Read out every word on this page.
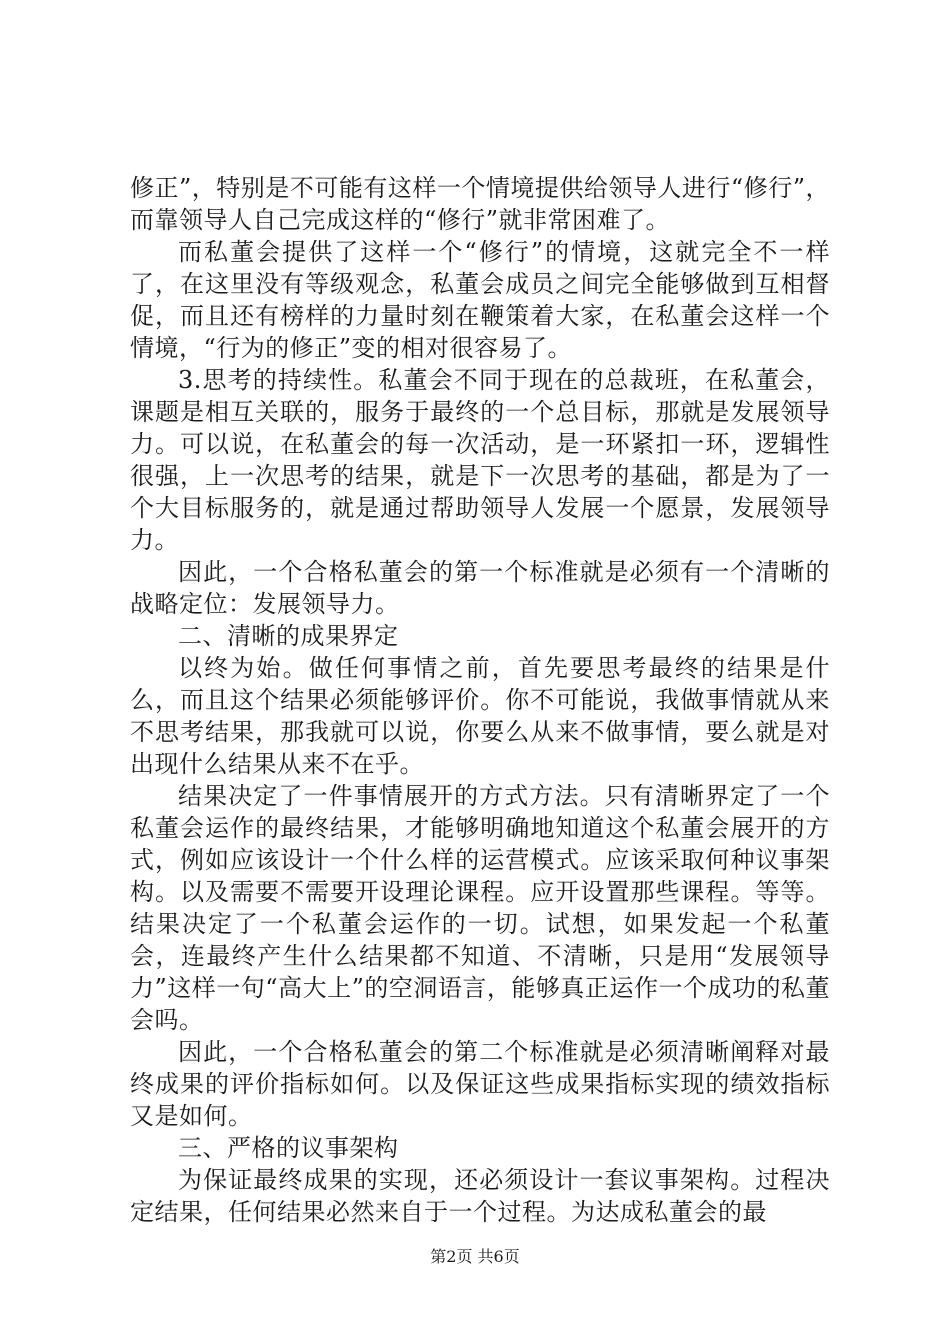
修正”，特别是不可能有这样一个情境提供给领导人进行“修行”，而靠领导人自己完成这样的“修行”就非常困难了。

而私董会提供了这样一个“修行”的情境，这就完全不一样了，在这里没有等级观念，私董会成员之间完全能够做到互相督促，而且还有榜样的力量时刻在鞭策着大家，在私董会这样一个情境，“行为的修正”变的相对很容易了。

3.思考的持续性。私董会不同于现在的总裁班，在私董会，课题是相互关联的，服务于最终的一个总目标，那就是发展领导力。可以说，在私董会的每一次活动，是一环紧扣一环，逻辑性很强，上一次思考的结果，就是下一次思考的基础，都是为了一个大目标服务的，就是通过帮助领导人发展一个愿景，发展领导力。

因此，一个合格私董会的第一个标准就是必须有一个清晰的战略定位：发展领导力。

二、清晰的成果界定

以终为始。做任何事情之前，首先要思考最终的结果是什么，而且这个结果必须能够评价。你不可能说，我做事情就从来不思考结果，那我就可以说，你要么从来不做事情，要么就是对出现什么结果从来不在乎。

结果决定了一件事情展开的方式方法。只有清晰界定了一个私董会运作的最终结果，才能够明确地知道这个私董会展开的方式，例如应该设计一个什么样的运营模式。应该采取何种议事架构。以及需要不需要开设理论课程。应开设置那些课程。等等。结果决定了一个私董会运作的一切。试想，如果发起一个私董会，连最终产生什么结果都不知道、不清晰，只是用“发展领导力”这样一句“高大上”的空洞语言，能够真正运作一个成功的私董会吗。

因此，一个合格私董会的第二个标准就是必须清晰阐释对最终成果的评价指标如何。以及保证这些成果指标实现的绩效指标又是如何。

三、严格的议事架构

为保证最终成果的实现，还必须设计一套议事架构。过程决定结果，任何结果必然来自于一个过程。为达成私董会的最

第2页 共6页
